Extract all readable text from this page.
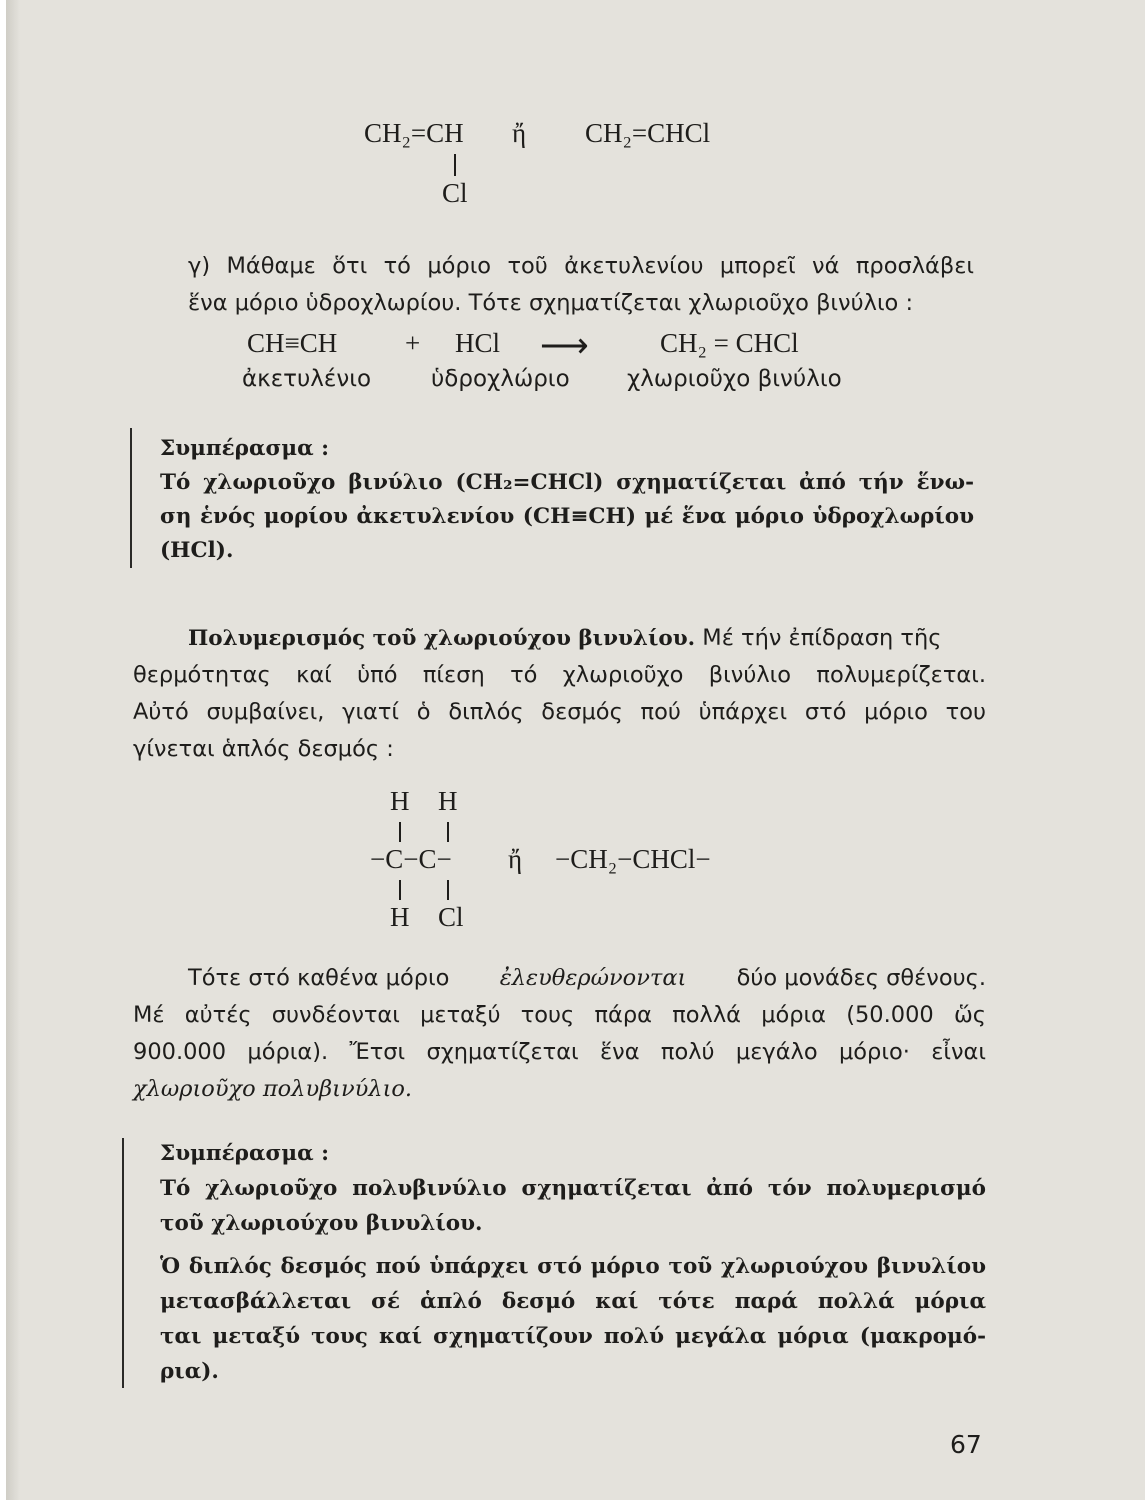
CH₂=CH
Cl
ἤ CH₂=CHCl
γ) Μάθαμε ὅτι τό μόριο τοῦ ἀκετυλενίου μπορεῖ νά προσλάβει
ἕνα μόριο ὑδροχλωρίου. Τότε σχηματίζεται χλωριοῦχο βινύλιο :
CH≡CH	+ HCl ⟶	CH₂ = CHCl
ἀκετυλένιο	ὑδροχλώριο χλωριοῦχο βινύλιο
Συμπέρασμα :
Τό χλωριοῦχο βινύλιο (CH₂=CHCl) σχηματίζεται ἀπό τήν ἕνω-
ση ἑνός μορίου ἀκετυλενίου (CH≡CH) μέ ἕνα μόριο ὑδροχλωρίου
(HCl).
Πολυμερισμός τοῦ χλωριούχου βινυλίου. Μέ τήν ἐπίδραση τῆς
θερμότητας καί ὑπό πίεση τό χλωριοῦχο βινύλιο πολυμερίζεται.
Αὐτό συμβαίνει, γιατί ὁ διπλός δεσμός πού ὑπάρχει στό μόριο του
γίνεται ἁπλός δεσμός :
H H
−C−C−
H Cl
ἤ −CH₂−CHCl−
Τότε στό καθένα μόριο ἐλευθερώνονται δύο μονάδες σθένους.
Μέ αὐτές συνδέονται μεταξύ τους πάρα πολλά μόρια (50.000 ὥς
900.000 μόρια). Ἔτσι σχηματίζεται ἕνα πολύ μεγάλο μόριο· εἶναι
χλωριοῦχο πολυβινύλιο.
Συμπέρασμα :
Τό χλωριοῦχο πολυβινύλιο σχηματίζεται ἀπό τόν πολυμερισμό
τοῦ χλωριούχου βινυλίου.
Ὁ διπλός δεσμός πού ὑπάρχει στό μόριο τοῦ χλωριούχου βινυλίου
μετασβάλλεται σέ ἁπλό δεσμό καί τότε παρά πολλά μόρια
ται μεταξύ τους καί σχηματίζουν πολύ μεγάλα μόρια (μακρομό-
ρια).
67
